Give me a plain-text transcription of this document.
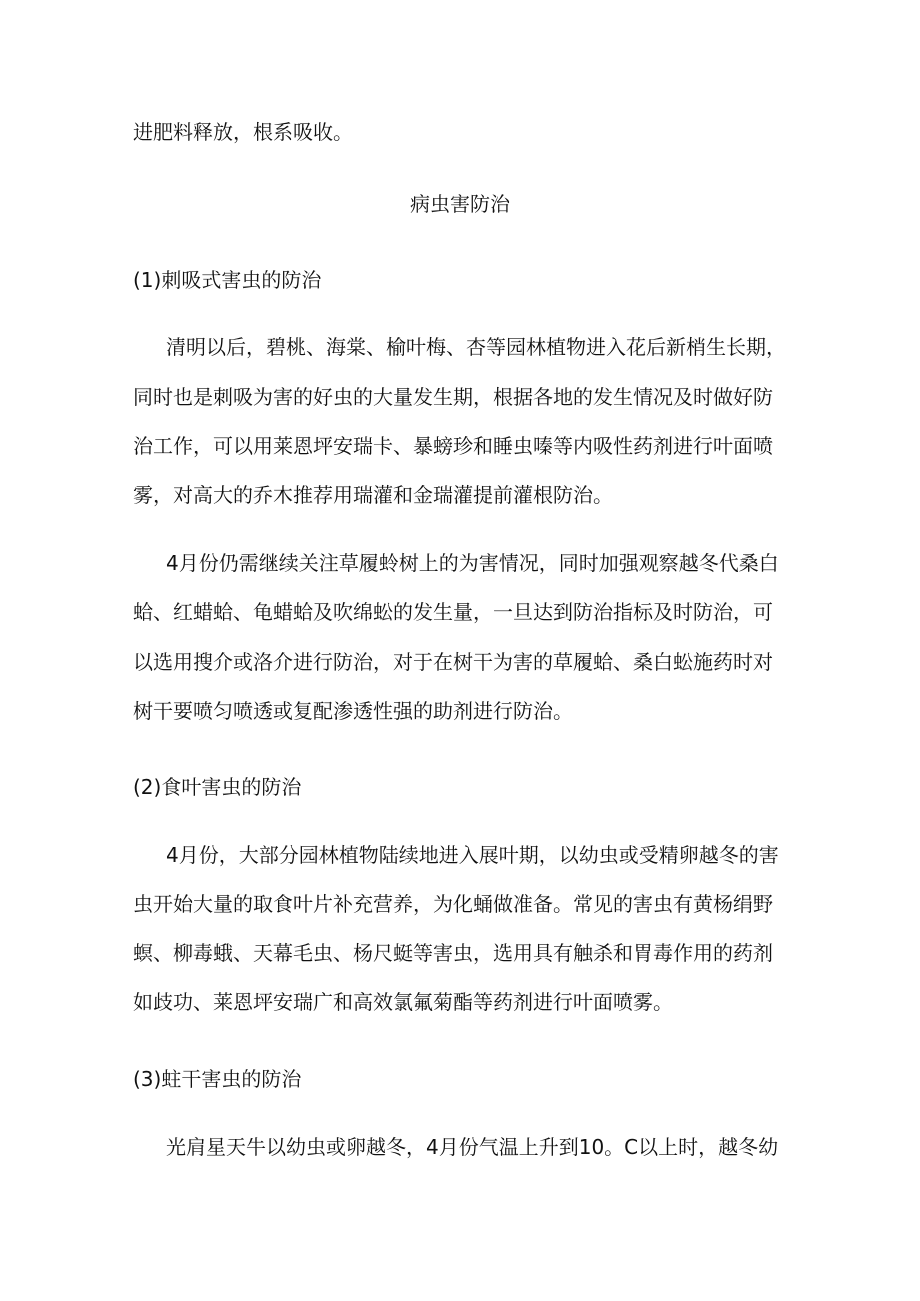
进肥料释放，根系吸收。

病虫害防治

(1)刺吸式害虫的防治

清明以后，碧桃、海棠、榆叶梅、杏等园林植物进入花后新梢生长期，

同时也是刺吸为害的好虫的大量发生期，根据各地的发生情况及时做好防

治工作，可以用莱恩坪安瑞卡、暴螃珍和睡虫嗪等内吸性药剂进行叶面喷

雾，对高大的乔木推荐用瑞灌和金瑞灌提前灌根防治。

4月份仍需继续关注草履蛉树上的为害情况，同时加强观察越冬代桑白

蛤、红蜡蛤、龟蜡蛤及吹绵蚣的发生量，一旦达到防治指标及时防治，可

以选用搜介或洛介进行防治，对于在树干为害的草履蛤、桑白蚣施药时对

树干要喷匀喷透或复配渗透性强的助剂进行防治。

(2)食叶害虫的防治

4月份，大部分园林植物陆续地进入展叶期，以幼虫或受精卵越冬的害

虫开始大量的取食叶片补充营养，为化蛹做准备。常见的害虫有黄杨绢野

螟、柳毒蛾、天幕毛虫、杨尺蜓等害虫，选用具有触杀和胃毒作用的药剂

如歧功、莱恩坪安瑞广和高效氯氟菊酯等药剂进行叶面喷雾。

(3)蛀干害虫的防治

光肩星天牛以幼虫或卵越冬，4月份气温上升到10。C以上时，越冬幼
